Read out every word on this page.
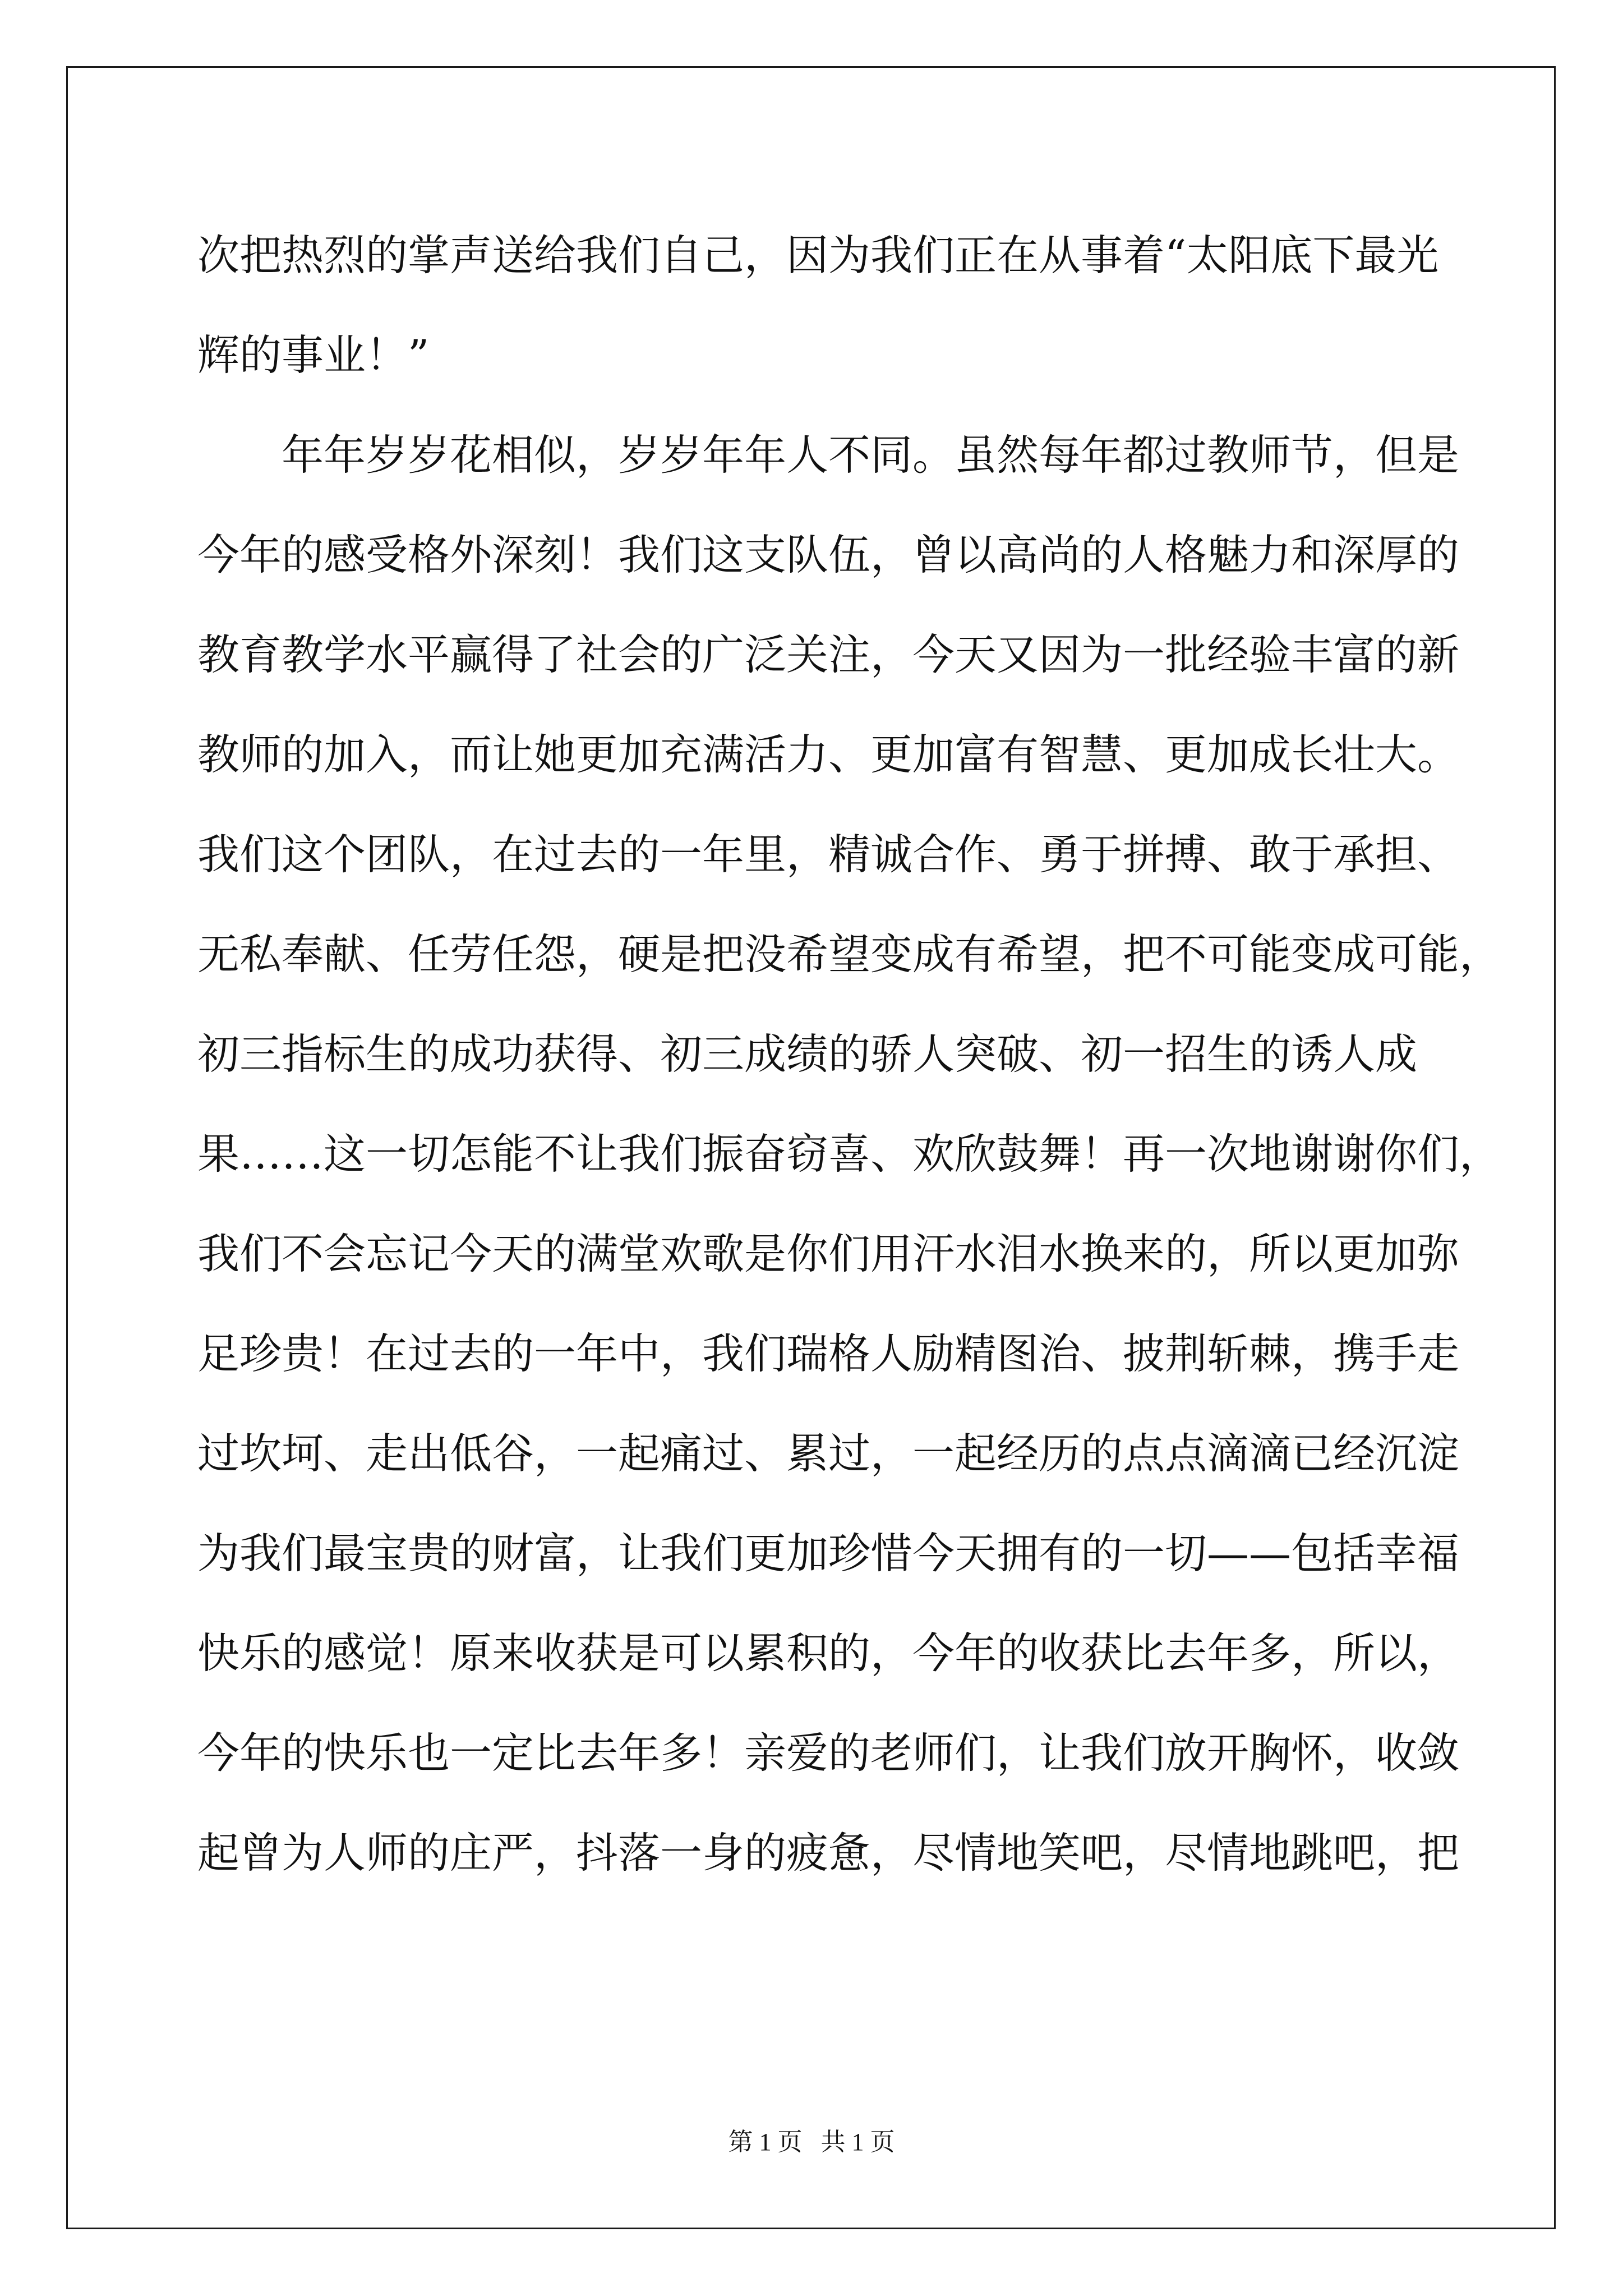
次把热烈的掌声送给我们自己，因为我们正在从事着“太阳底下最光
辉的事业！”
年年岁岁花相似，岁岁年年人不同。虽然每年都过教师节，但是
今年的感受格外深刻！我们这支队伍，曾以高尚的人格魅力和深厚的
教育教学水平赢得了社会的广泛关注，今天又因为一批经验丰富的新
教师的加入，而让她更加充满活力、更加富有智慧、更加成长壮大。
我们这个团队，在过去的一年里，精诚合作、勇于拼搏、敢于承担、
无私奉献、任劳任怨，硬是把没希望变成有希望，把不可能变成可能，
初三指标生的成功获得、初三成绩的骄人突破、初一招生的诱人成
果……这一切怎能不让我们振奋窃喜、欢欣鼓舞！再一次地谢谢你们，
我们不会忘记今天的满堂欢歌是你们用汗水泪水换来的，所以更加弥
足珍贵！在过去的一年中，我们瑞格人励精图治、披荆斩棘，携手走
过坎坷、走出低谷，一起痛过、累过，一起经历的点点滴滴已经沉淀
为我们最宝贵的财富，让我们更加珍惜今天拥有的一切——包括幸福
快乐的感觉！原来收获是可以累积的，今年的收获比去年多，所以，
今年的快乐也一定比去年多！亲爱的老师们，让我们放开胸怀，收敛
起曾为人师的庄严，抖落一身的疲惫，尽情地笑吧，尽情地跳吧，把
第 1 页   共 1 页
